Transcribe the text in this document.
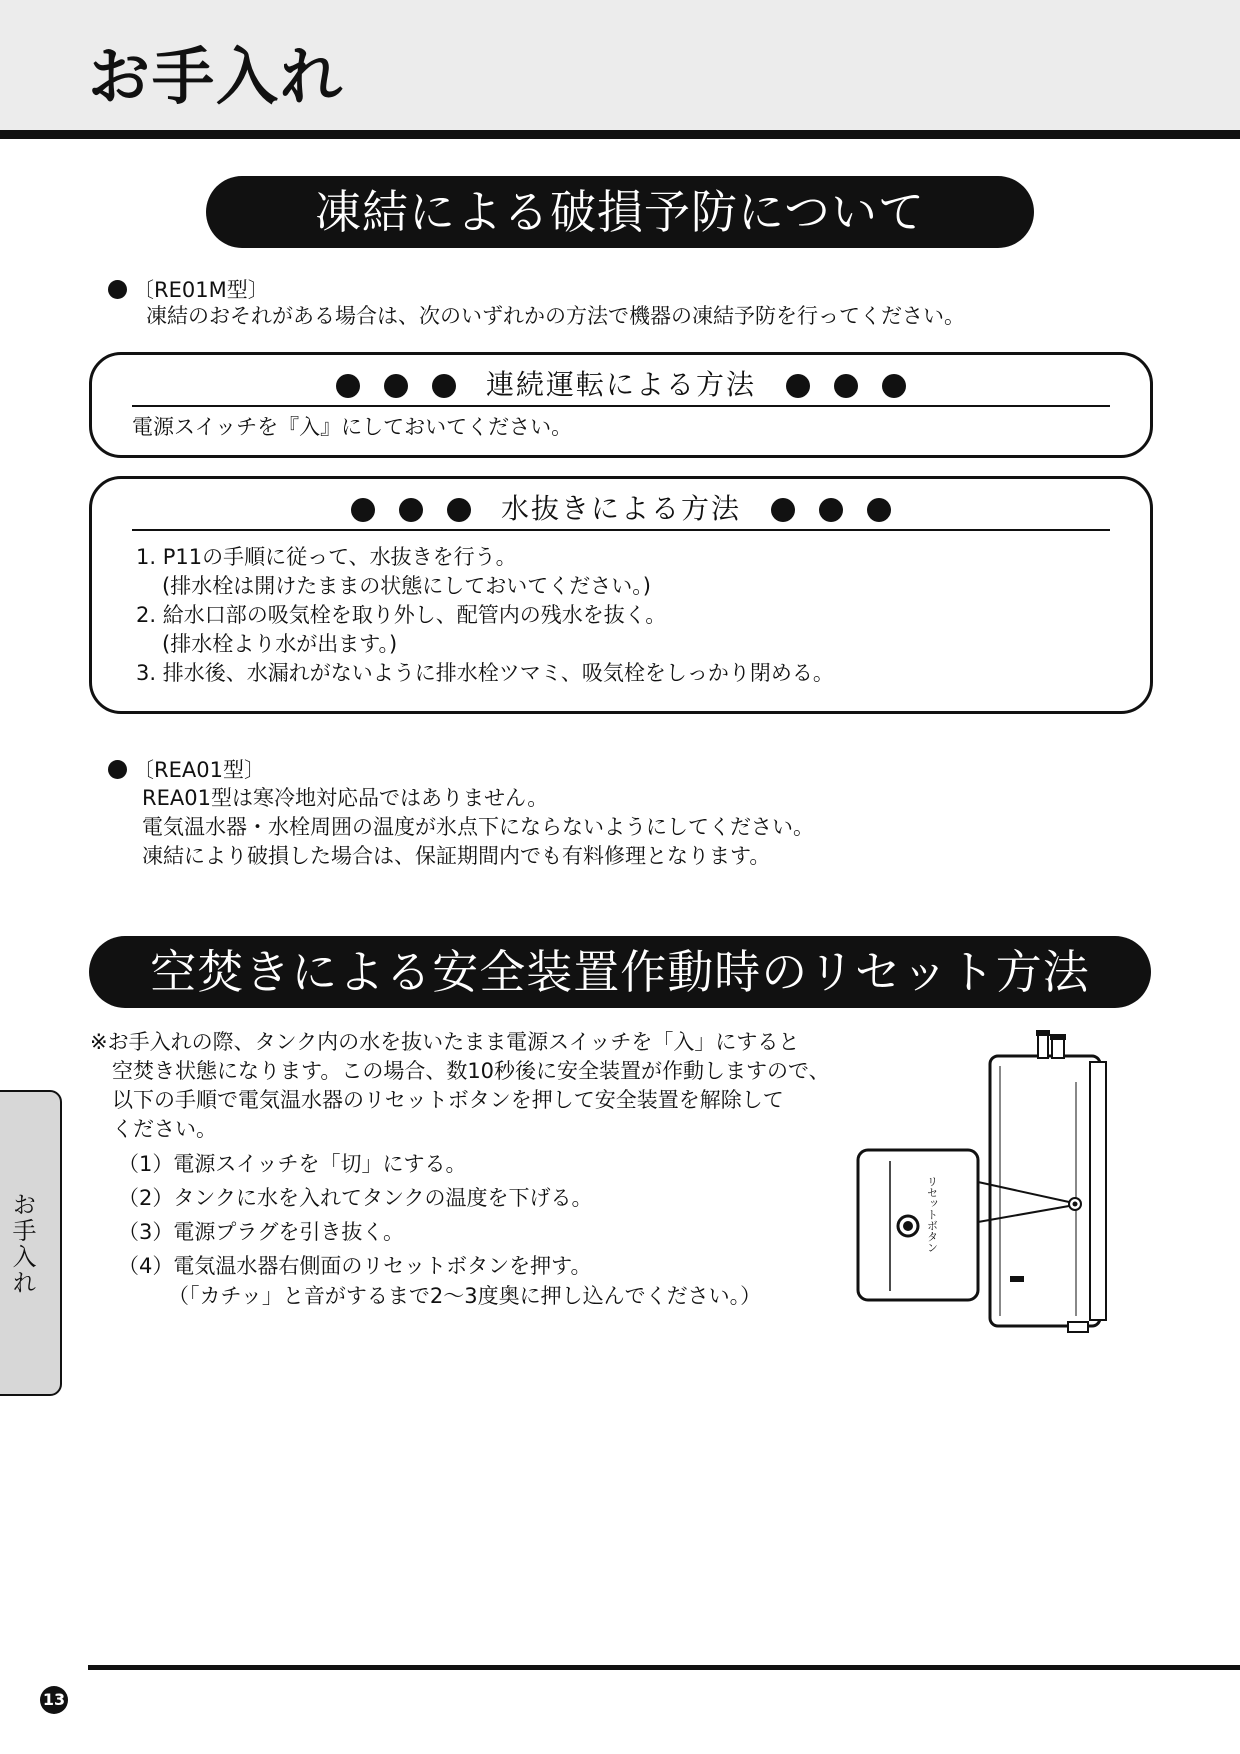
お手入れ
凍結による破損予防について
〔RE01M型〕
凍結のおそれがある場合は、次のいずれかの方法で機器の凍結予防を行ってください。
連続運転による方法
電源スイッチを『入』にしておいてください。
水抜きによる方法
1. P11の手順に従って、水抜きを行う。
(排水栓は開けたままの状態にしておいてください。)
2. 給水口部の吸気栓を取り外し、配管内の残水を抜く。
(排水栓より水が出ます。)
3. 排水後、水漏れがないように排水栓ツマミ、吸気栓をしっかり閉める。
〔REA01型〕
REA01型は寒冷地対応品ではありません。
電気温水器・水栓周囲の温度が氷点下にならないようにしてください。
凍結により破損した場合は、保証期間内でも有料修理となります。
空焚きによる安全装置作動時のリセット方法
※お手入れの際、タンク内の水を抜いたまま電源スイッチを「入」にすると
空焚き状態になります。この場合、数10秒後に安全装置が作動しますので、
以下の手順で電気温水器のリセットボタンを押して安全装置を解除して
ください。
（1）電源スイッチを「切」にする。
（2）タンクに水を入れてタンクの温度を下げる。
（3）電源プラグを引き抜く。
（4）電気温水器右側面のリセットボタンを押す。
（「カチッ」と音がするまで2～3度奥に押し込んでください。）
リセットボタン
お手入れ
13
